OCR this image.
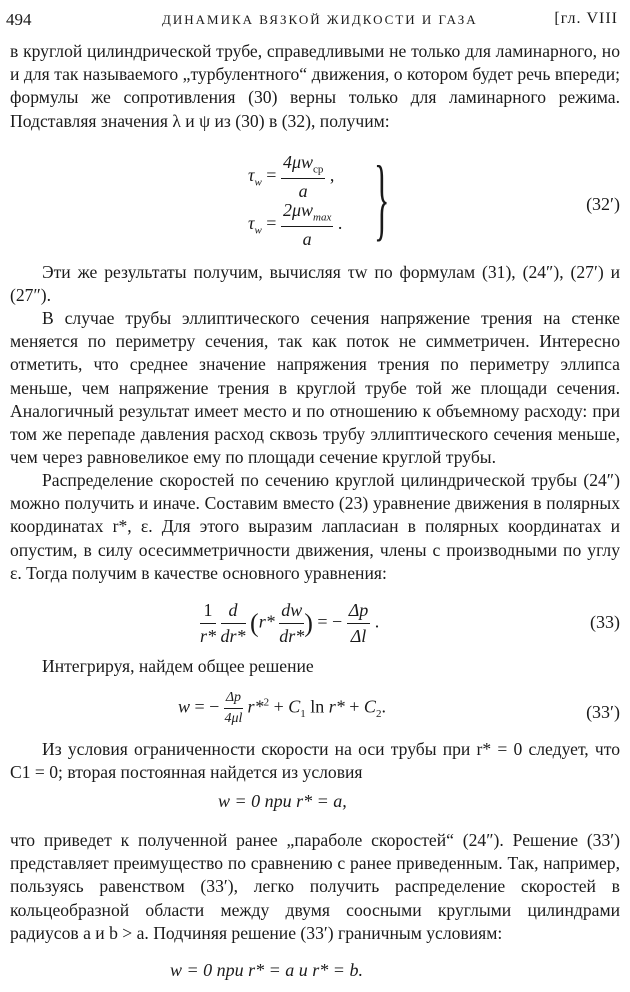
494	ДИНАМИКА ВЯЗКОЙ ЖИДКОСТИ И ГАЗА	[гл. VIII

в круглой цилиндрической трубе, справедливыми не только для ламинарного, но и для так называемого „турбулентного“ движения, о котором будет речь впереди; формулы же сопротивления (30) верны только для ламинарного режима. Подставляя значения λ и ψ из (30) в (32), получим:

$\tau_w = \frac{4\mu w_{ср}}{a}$ ,
$\tau_w = \frac{2\mu w_{max}}{a}$ . }	(32′)

Эти же результаты получим, вычисляя τw по формулам (31), (24″), (27′) и (27″).

В случае трубы эллиптического сечения напряжение трения на стенке меняется по периметру сечения, так как поток не симметричен. Интересно отметить, что среднее значение напряжения трения по периметру эллипса меньше, чем напряжение трения в круглой трубе той же площади сечения. Аналогичный результат имеет место и по отношению к объемному расходу: при том же перепаде давления расход сквозь трубу эллиптического сечения меньше, чем через равновеликое ему по площади сечение круглой трубы.

Распределение скоростей по сечению круглой цилиндрической трубы (24″) можно получить и иначе. Составим вместо (23) уравнение движения в полярных координатах r*, ε. Для этого выразим лапласиан в полярных координатах и опустим, в силу осесимметричности движения, члены с производными по углу ε. Тогда получим в качестве основного уравнения:

$\frac{1}{r*}$
$\frac{d}{dr*} (r* \frac{dw}{dr*}$ ) = − $\frac{\Delta p}{\Delta l}$ .	(33)

Интегрируя, найдем общее решение

w = − $\frac{\Delta p}{4\mu l} r*^2 + C_1$ $\ln r* + C_2$.	(33′)

Из условия ограниченности скорости на оси трубы при r* = 0 следует, что C1 = 0; вторая постоянная найдется из условия

w = 0 при r* = a,

что приведет к полученной ранее „параболе скоростей“ (24″). Решение (33′) представляет преимущество по сравнению с ранее приведенным. Так, например, пользуясь равенством (33′), легко получить распределение скоростей в кольцеобразной области между двумя соосными круглыми цилиндрами радиусов a и b > a. Подчиняя решение (33′) граничным условиям:

w = 0 при r* = a и r* = b.
